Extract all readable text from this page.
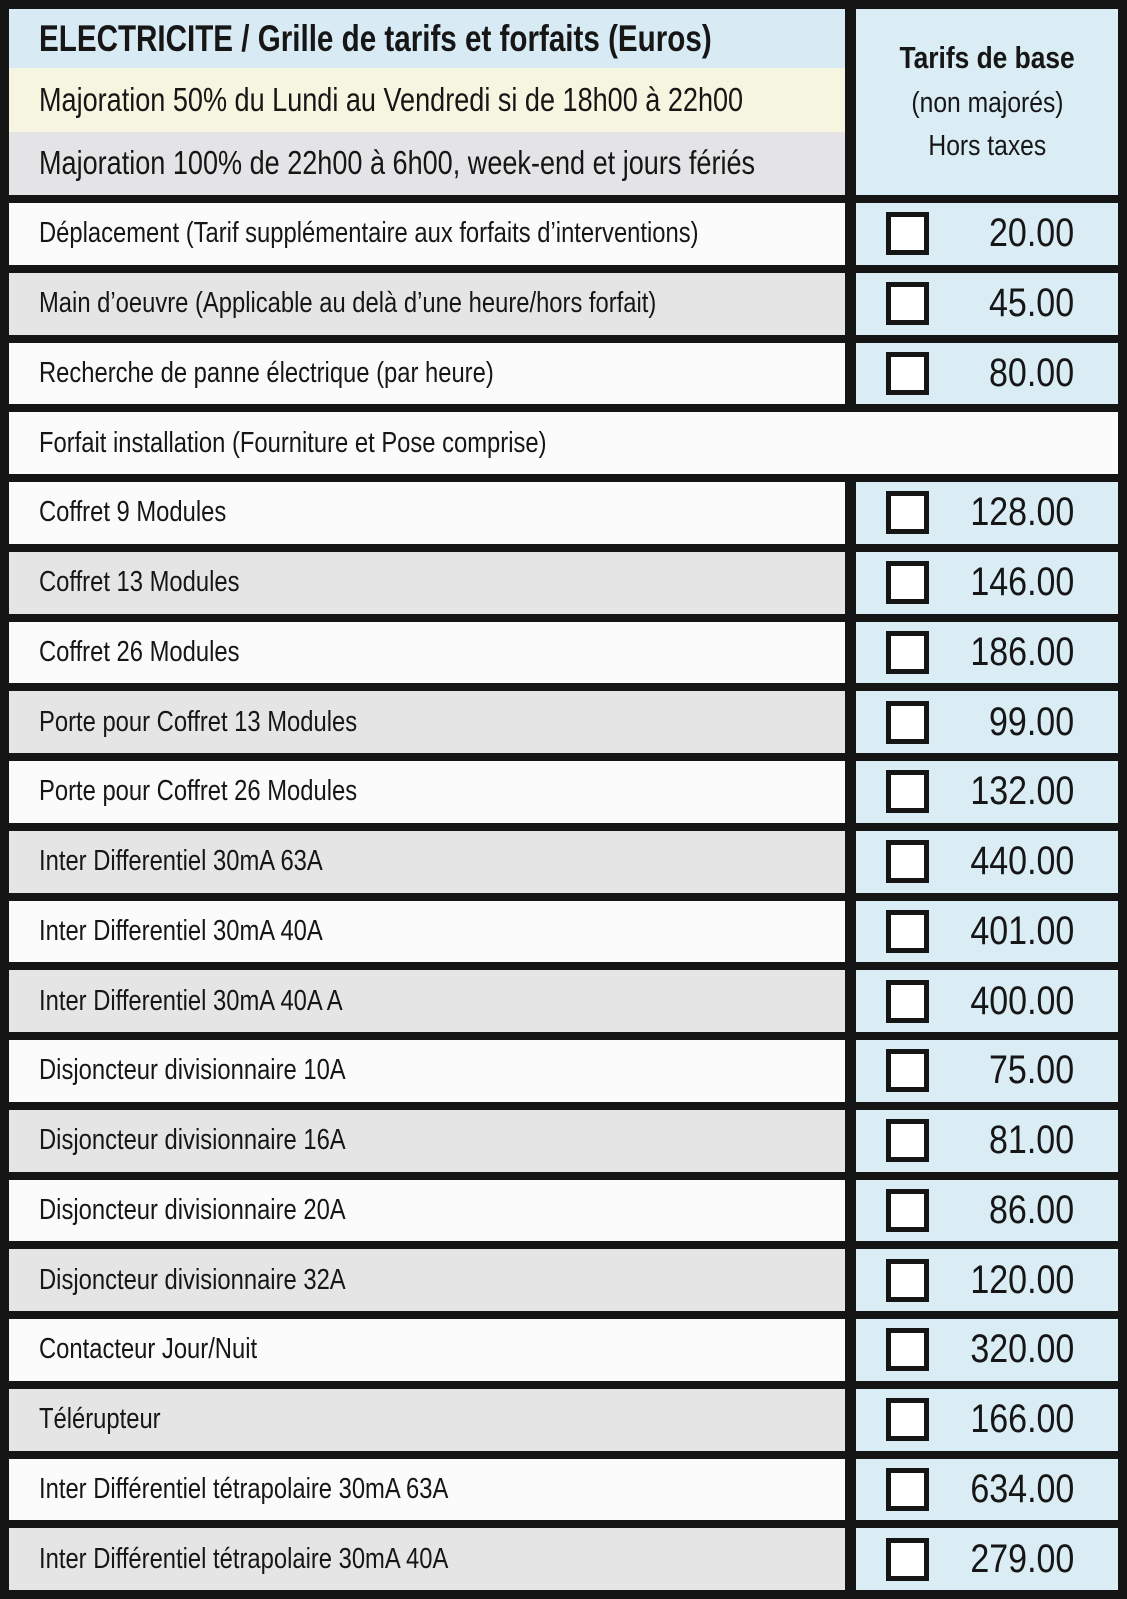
ELECTRICITE / Grille de tarifs et forfaits (Euros)
Majoration 50% du Lundi au Vendredi si de 18h00 à 22h00
Majoration 100% de 22h00 à 6h00, week-end et jours fériés
Tarifs de base
(non majorés)
Hors taxes
Déplacement (Tarif supplémentaire aux forfaits d’interventions)	20.00
Main d’oeuvre (Applicable au delà d’une heure/hors forfait)	45.00
Recherche de panne électrique (par heure)	80.00
Forfait installation (Fourniture et Pose comprise)
Coffret 9 Modules	128.00
Coffret 13 Modules	146.00
Coffret 26 Modules	186.00
Porte pour Coffret 13 Modules	99.00
Porte pour Coffret 26 Modules	132.00
Inter Differentiel 30mA 63A	440.00
Inter Differentiel 30mA 40A	401.00
Inter Differentiel 30mA 40A A	400.00
Disjoncteur divisionnaire 10A	75.00
Disjoncteur divisionnaire 16A	81.00
Disjoncteur divisionnaire 20A	86.00
Disjoncteur divisionnaire 32A	120.00
Contacteur Jour/Nuit	320.00
Télérupteur	166.00
Inter Différentiel tétrapolaire 30mA 63A	634.00
Inter Différentiel tétrapolaire 30mA 40A	279.00
